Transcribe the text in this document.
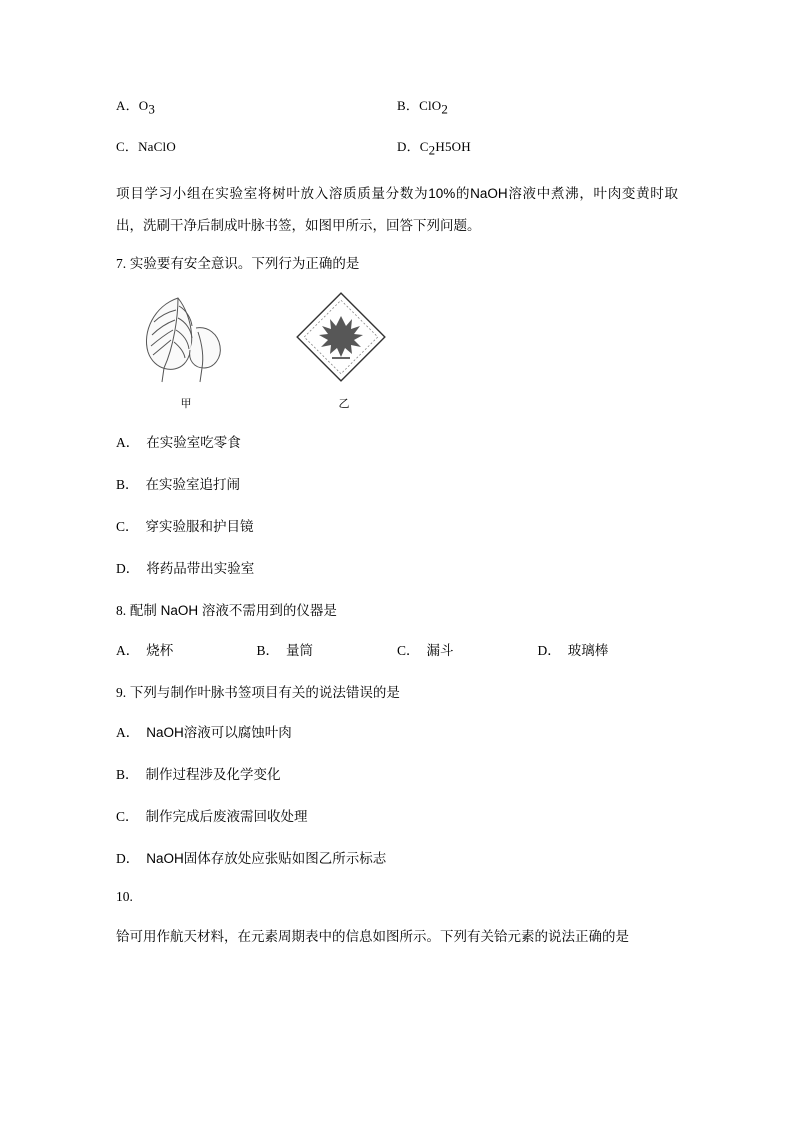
A．$O_3$	B．ClO$_2$
C．NaClO	D．$C_2H5OH$
项目学习小组在实验室将树叶放入溶质质量分数为10%的NaOH溶液中煮沸，叶肉变黄时取出，洗刷干净后制成叶脉书签，如图甲所示，回答下列问题。
7. 实验要有安全意识。下列行为正确的是
甲	乙
A． 在实验室吃零食
B． 在实验室追打闹
C． 穿实验服和护目镜
D． 将药品带出实验室
8. 配制 NaOH 溶液不需用到的仪器是
A． 烧杯	B． 量筒	C． 漏斗	D． 玻璃棒
9. 下列与制作叶脉书签项目有关的说法错误的是
A． NaOH溶液可以腐蚀叶肉
B． 制作过程涉及化学变化
C． 制作完成后废液需回收处理
D． NaOH固体存放处应张贴如图乙所示标志
10.
铪可用作航天材料，在元素周期表中的信息如图所示。下列有关铪元素的说法正确的是
